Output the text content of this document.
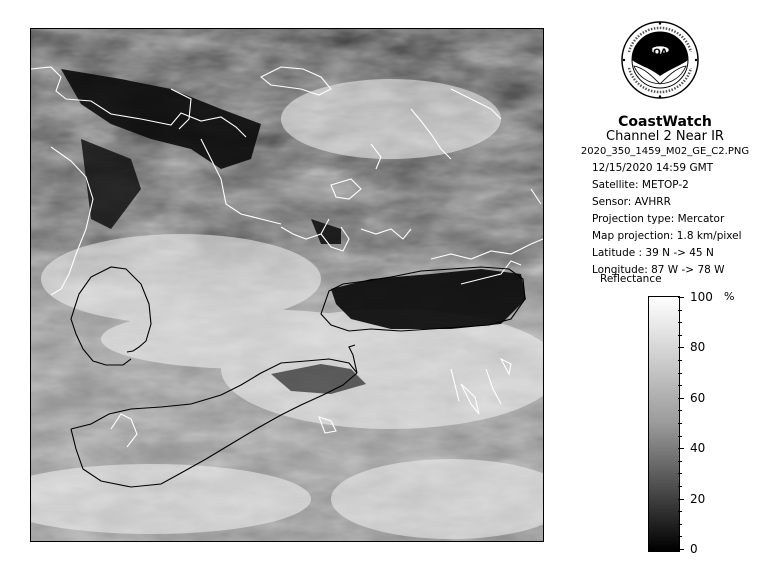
NOAA
CoastWatch
Channel 2 Near IR
2020_350_1459_M02_GE_C2.PNG
12/15/2020 14:59 GMT
Satellite: METOP-2
Sensor: AVHRR
Projection type: Mercator
Map projection: 1.8 km/pixel
Latitude : 39 N -> 45 N
Longitude: 87 W -> 78 W
Reflectance
%
100
80
60
40
20
0
